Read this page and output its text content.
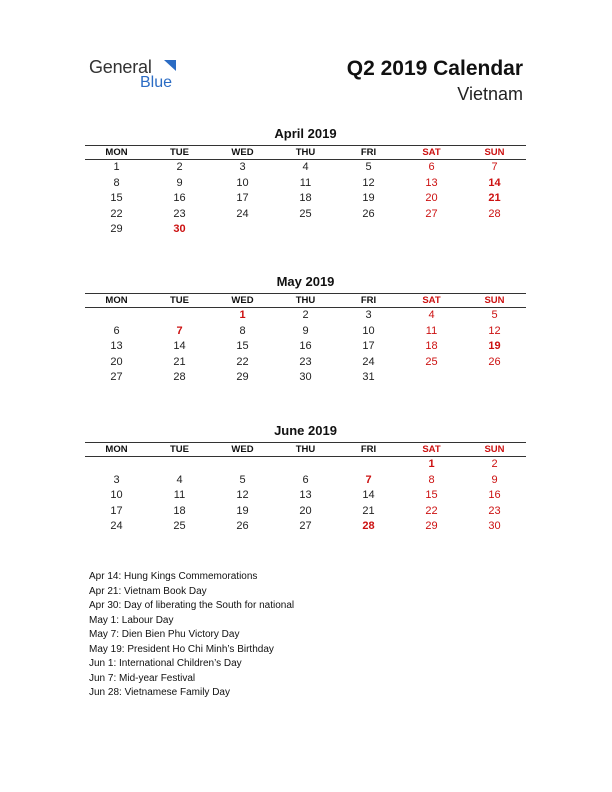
General
Blue
Q2 2019 Calendar
Vietnam
April 2019
MON	TUE	WED	THU	FRI	SAT	SUN
1	2	3	4	5	6	7
8	9	10	11	12	13	14
15	16	17	18	19	20	21
22	23	24	25	26	27	28
29	30					
May 2019
MON	TUE	WED	THU	FRI	SAT	SUN
		1	2	3	4	5
6	7	8	9	10	11	12
13	14	15	16	17	18	19
20	21	22	23	24	25	26
27	28	29	30	31		
June 2019
MON	TUE	WED	THU	FRI	SAT	SUN
					1	2
3	4	5	6	7	8	9
10	11	12	13	14	15	16
17	18	19	20	21	22	23
24	25	26	27	28	29	30
Apr 14: Hung Kings Commemorations
Apr 21: Vietnam Book Day
Apr 30: Day of liberating the South for national
May 1: Labour Day
May 7: Dien Bien Phu Victory Day
May 19: President Ho Chi Minh’s Birthday
Jun 1: International Children’s Day
Jun 7: Mid-year Festival
Jun 28: Vietnamese Family Day
